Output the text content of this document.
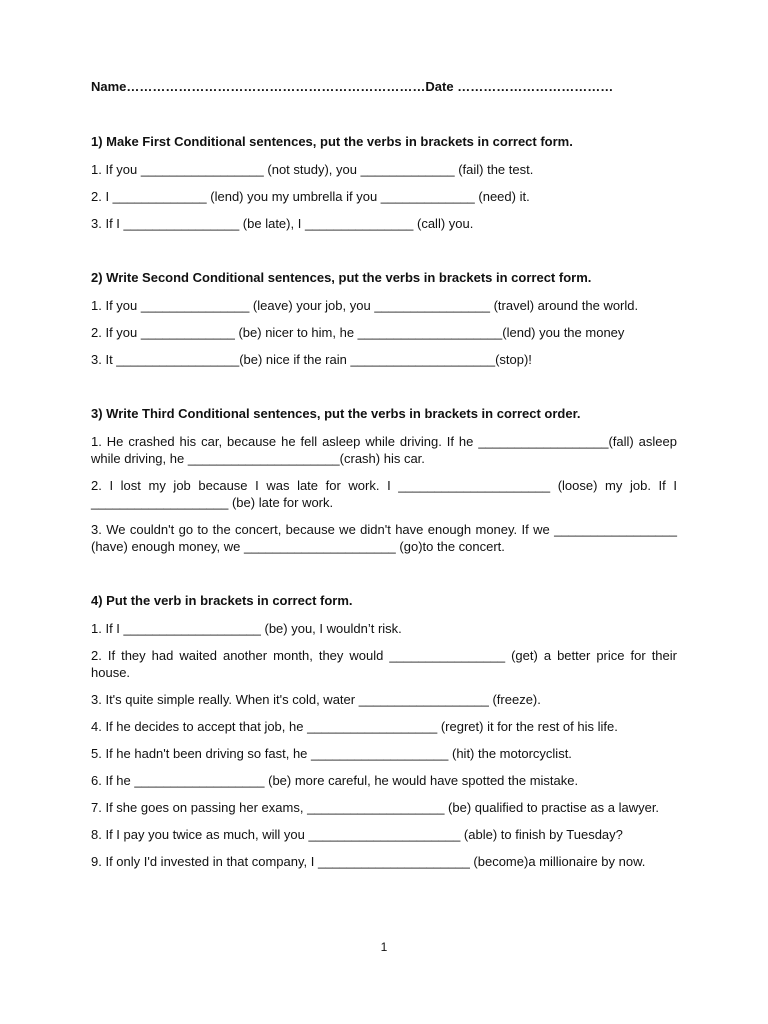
Name……………………………………………………………Date ………………………………
1) Make First Conditional sentences, put the verbs in brackets in correct form.
1. If you _________________ (not study), you _____________ (fail) the test.
2. I _____________ (lend) you my umbrella if you _____________ (need) it.
3. If I ________________ (be late), I _______________ (call) you.
2) Write Second Conditional sentences, put the verbs in brackets in correct form.
1. If you _______________ (leave) your job, you ________________ (travel) around the world.
2. If you _____________ (be) nicer to him, he ____________________(lend) you the money
3. It _________________(be) nice if the rain ____________________(stop)!
3) Write Third Conditional sentences, put the verbs in brackets in correct order.
1. He crashed his car, because he fell asleep while driving. If he __________________(fall) asleep while driving, he _____________________(crash) his car.
2. I lost my job because I was late for work. I _____________________ (loose) my job. If I ___________________ (be) late for work.
3. We couldn't go to the concert, because we didn't have enough money. If we _________________ (have) enough money, we _____________________ (go)to the concert.
4) Put the verb in brackets in correct form.
1. If I ___________________ (be) you, I wouldn’t risk.
2. If they had waited another month, they would ________________ (get) a better price for their house.
3. It's quite simple really. When it's cold, water __________________ (freeze).
4. If he decides to accept that job, he __________________ (regret) it for the rest of his life.
5. If he hadn't been driving so fast, he ___________________ (hit) the motorcyclist.
6. If he __________________ (be) more careful, he would have spotted the mistake.
7. If she goes on passing her exams, ___________________ (be) qualified to practise as a lawyer.
8. If I pay you twice as much, will you _____________________ (able) to finish by Tuesday?
9. If only I'd invested in that company, I _____________________ (become)a millionaire by now.
1
